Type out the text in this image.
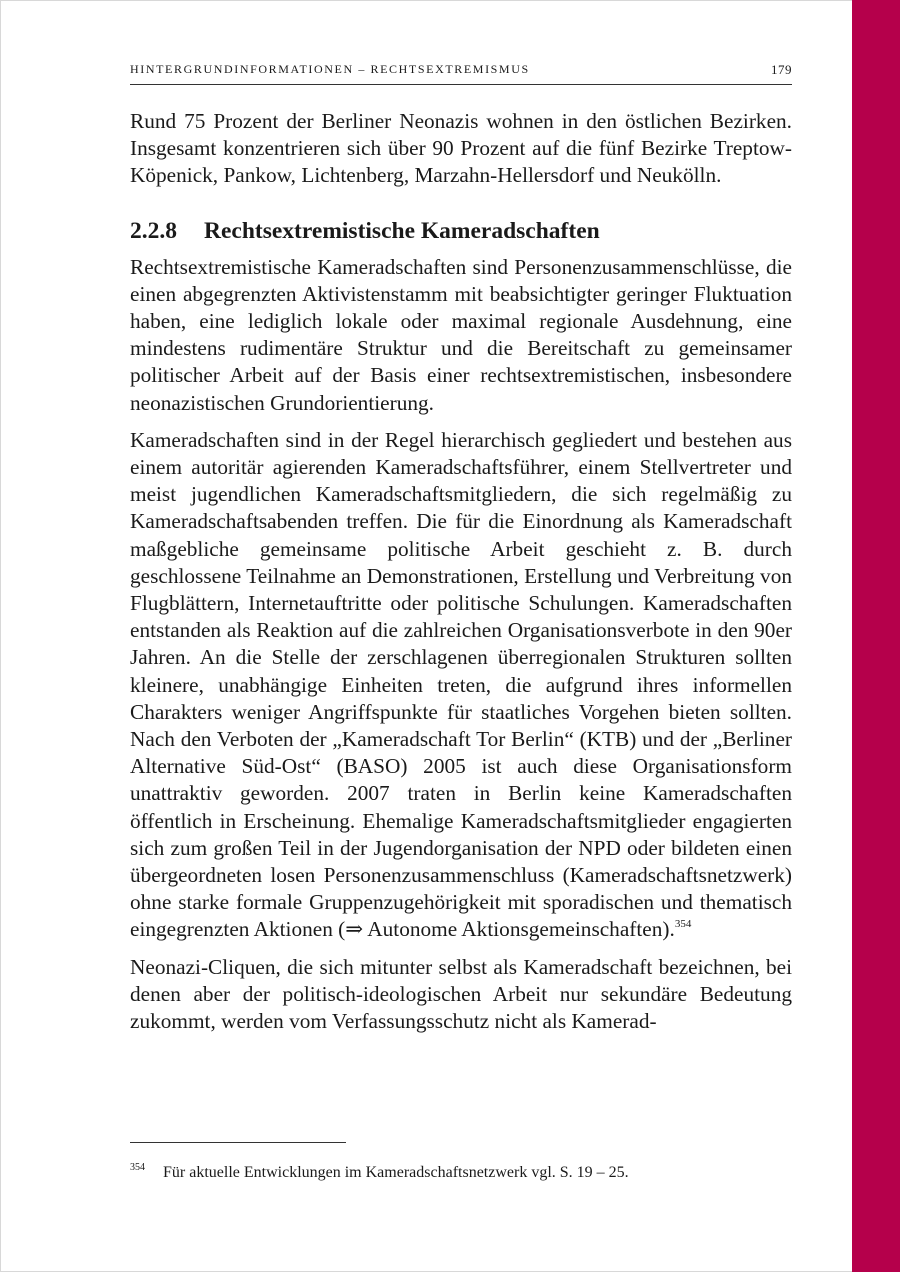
HINTERGRUNDINFORMATIONEN – RECHTSEXTREMISMUS	179

Rund 75 Prozent der Berliner Neonazis wohnen in den östlichen Bezirken. Insgesamt konzentrieren sich über 90 Prozent auf die fünf Bezirke Treptow-Köpenick, Pankow, Lichtenberg, Marzahn-Hellersdorf und Neukölln.

2.2.8 Rechtsextremistische Kameradschaften

Rechtsextremistische Kameradschaften sind Personenzusammenschlüsse, die einen abgegrenzten Aktivistenstamm mit beabsichtigter geringer Fluktuation haben, eine lediglich lokale oder maximal regionale Ausdehnung, eine mindestens rudimentäre Struktur und die Bereitschaft zu gemeinsamer politischer Arbeit auf der Basis einer rechtsextremistischen, insbesondere neonazistischen Grundorientierung.

Kameradschaften sind in der Regel hierarchisch gegliedert und bestehen aus einem autoritär agierenden Kameradschaftsführer, einem Stellvertreter und meist jugendlichen Kameradschaftsmitgliedern, die sich regelmäßig zu Kameradschaftsabenden treffen. Die für die Einordnung als Kameradschaft maßgebliche gemeinsame politische Arbeit geschieht z. B. durch geschlossene Teilnahme an Demonstrationen, Erstellung und Verbreitung von Flugblättern, Internetauftritte oder politische Schulungen. Kameradschaften entstanden als Reaktion auf die zahlreichen Organisationsverbote in den 90er Jahren. An die Stelle der zerschlagenen überregionalen Strukturen sollten kleinere, unabhängige Einheiten treten, die aufgrund ihres informellen Charakters weniger Angriffspunkte für staatliches Vorgehen bieten sollten. Nach den Verboten der „Kameradschaft Tor Berlin“ (KTB) und der „Berliner Alternative Süd-Ost“ (BASO) 2005 ist auch diese Organisationsform unattraktiv geworden. 2007 traten in Berlin keine Kameradschaften öffentlich in Erscheinung. Ehemalige Kameradschaftsmitglieder engagierten sich zum großen Teil in der Jugendorganisation der NPD oder bildeten einen übergeordneten losen Personenzusammenschluss (Kameradschaftsnetzwerk) ohne starke formale Gruppenzugehörigkeit mit sporadischen und thematisch eingegrenzten Aktionen (⇒ Autonome Aktionsgemeinschaften).$^{354}$

Neonazi-Cliquen, die sich mitunter selbst als Kameradschaft bezeichnen, bei denen aber der politisch-ideologischen Arbeit nur sekundäre Bedeutung zukommt, werden vom Verfassungsschutz nicht als Kamerad-

$^{354}$ Für aktuelle Entwicklungen im Kameradschaftsnetzwerk vgl. S. 19 – 25.
